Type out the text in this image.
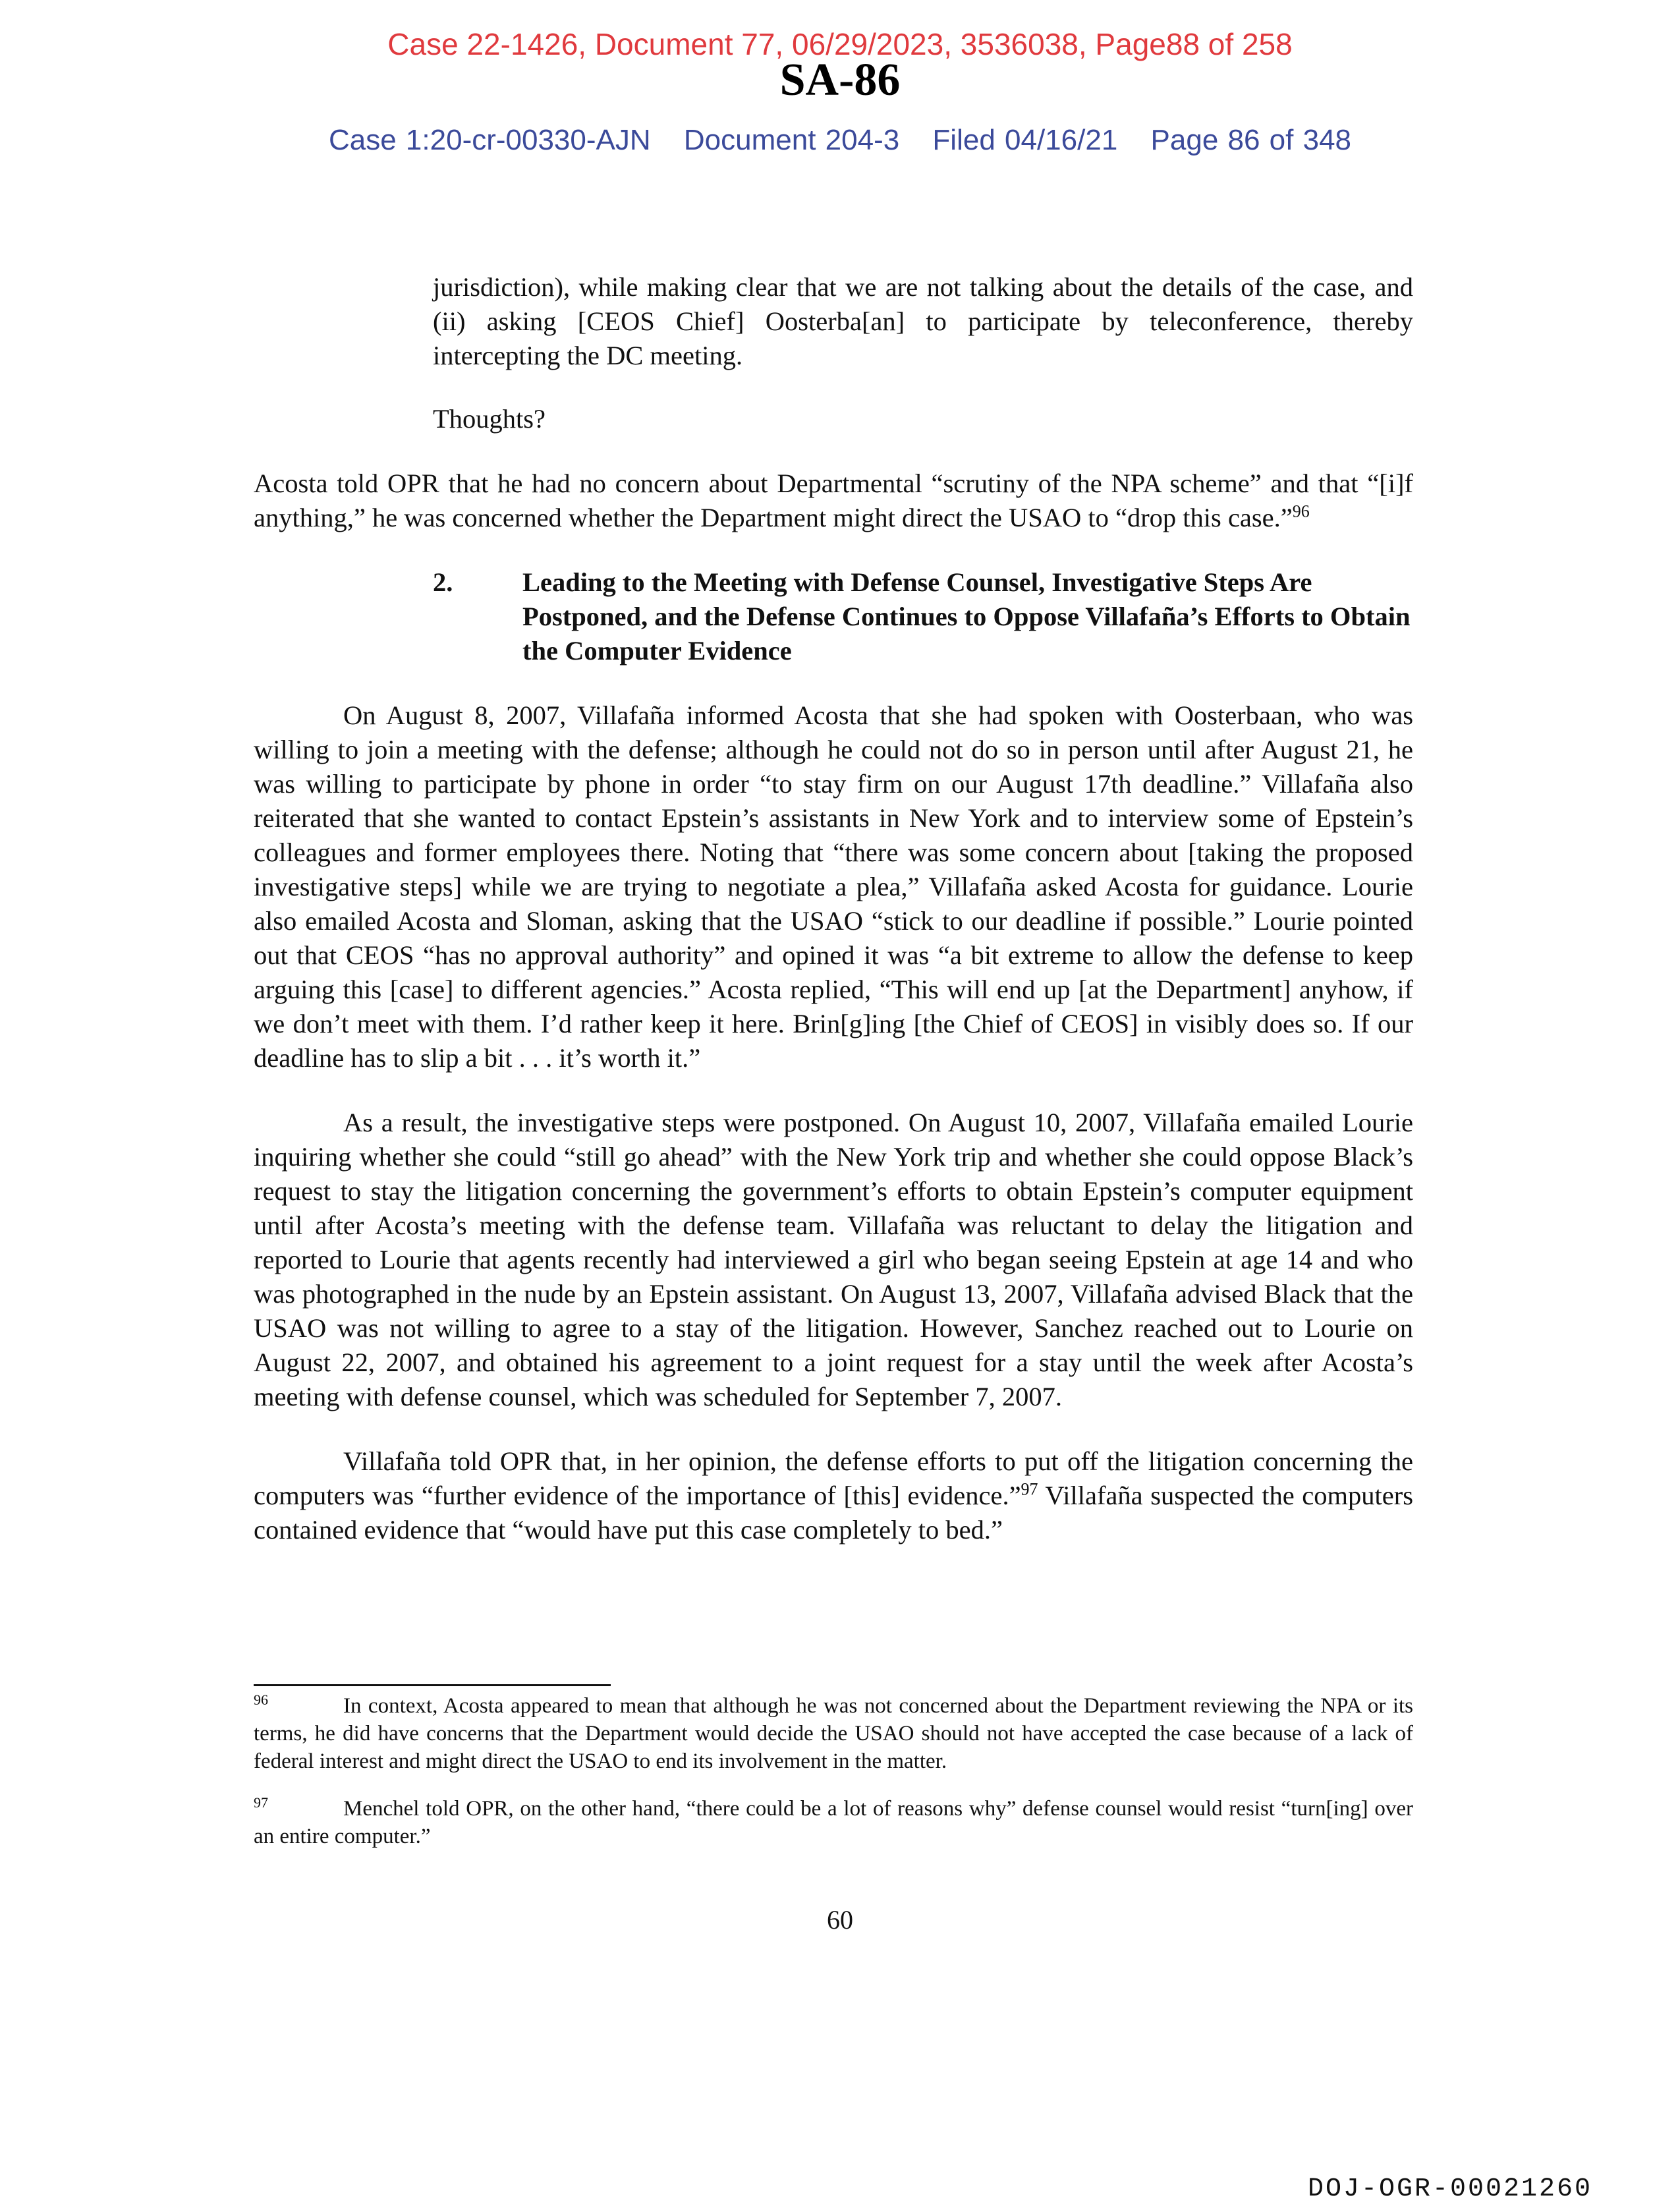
Case 22-1426, Document 77, 06/29/2023, 3536038, Page88 of 258
SA-86
Case 1:20-cr-00330-AJN Document 204-3 Filed 04/16/21 Page 86 of 348

jurisdiction), while making clear that we are not talking about the details of the case, and (ii) asking [CEOS Chief] Oosterba[an] to participate by teleconference, thereby intercepting the DC meeting.

Thoughts?

Acosta told OPR that he had no concern about Departmental “scrutiny of the NPA scheme” and that “[i]f anything,” he was concerned whether the Department might direct the USAO to “drop this case.”$^{96}$

2.	Leading to the Meeting with Defense Counsel, Investigative Steps Are Postponed, and the Defense Continues to Oppose Villafaña’s Efforts to Obtain the Computer Evidence

On August 8, 2007, Villafaña informed Acosta that she had spoken with Oosterbaan, who was willing to join a meeting with the defense; although he could not do so in person until after August 21, he was willing to participate by phone in order “to stay firm on our August 17th deadline.” Villafaña also reiterated that she wanted to contact Epstein’s assistants in New York and to interview some of Epstein’s colleagues and former employees there. Noting that “there was some concern about [taking the proposed investigative steps] while we are trying to negotiate a plea,” Villafaña asked Acosta for guidance. Lourie also emailed Acosta and Sloman, asking that the USAO “stick to our deadline if possible.” Lourie pointed out that CEOS “has no approval authority” and opined it was “a bit extreme to allow the defense to keep arguing this [case] to different agencies.” Acosta replied, “This will end up [at the Department] anyhow, if we don’t meet with them. I’d rather keep it here. Brin[g]ing [the Chief of CEOS] in visibly does so. If our deadline has to slip a bit . . . it’s worth it.”

As a result, the investigative steps were postponed. On August 10, 2007, Villafaña emailed Lourie inquiring whether she could “still go ahead” with the New York trip and whether she could oppose Black’s request to stay the litigation concerning the government’s efforts to obtain Epstein’s computer equipment until after Acosta’s meeting with the defense team. Villafaña was reluctant to delay the litigation and reported to Lourie that agents recently had interviewed a girl who began seeing Epstein at age 14 and who was photographed in the nude by an Epstein assistant. On August 13, 2007, Villafaña advised Black that the USAO was not willing to agree to a stay of the litigation. However, Sanchez reached out to Lourie on August 22, 2007, and obtained his agreement to a joint request for a stay until the week after Acosta’s meeting with defense counsel, which was scheduled for September 7, 2007.

Villafaña told OPR that, in her opinion, the defense efforts to put off the litigation concerning the computers was “further evidence of the importance of [this] evidence.”$^{97}$ Villafaña suspected the computers contained evidence that “would have put this case completely to bed.”

96	In context, Acosta appeared to mean that although he was not concerned about the Department reviewing the NPA or its terms, he did have concerns that the Department would decide the USAO should not have accepted the case because of a lack of federal interest and might direct the USAO to end its involvement in the matter.

97	Menchel told OPR, on the other hand, “there could be a lot of reasons why” defense counsel would resist “turn[ing] over an entire computer.”

60
DOJ-OGR-00021260
